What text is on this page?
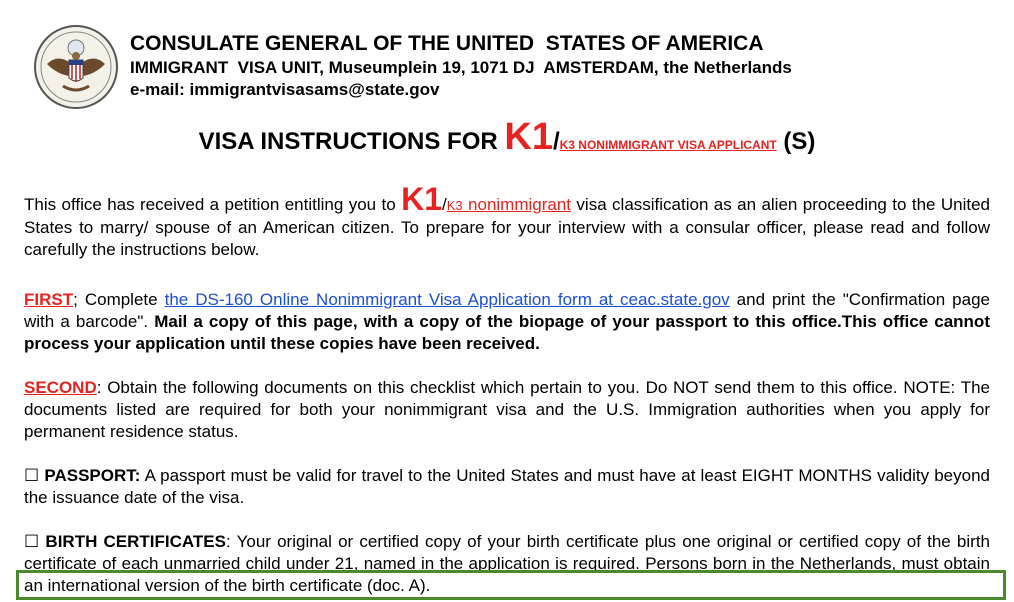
CONSULATE GENERAL OF THE UNITED  STATES OF AMERICA
IMMIGRANT  VISA UNIT, Museumplein 19, 1071 DJ  AMSTERDAM, the Netherlands
e-mail: immigrantvisasams@state.gov
VISA INSTRUCTIONS FOR K1/K3 NONIMMIGRANT VISA APPLICANT (S)
This office has received a petition entitling you to K1/K3 nonimmigrant visa classification as an alien proceeding to the United States to marry/ spouse of an American citizen. To prepare for your interview with a consular officer, please read and follow carefully the instructions below.
FIRST; Complete the DS-160 Online Nonimmigrant Visa Application form at ceac.state.gov and print the "Confirmation page with a barcode". Mail a copy of this page, with a copy of the biopage of your passport to this office.This office cannot process your application until these copies have been received.
SECOND: Obtain the following documents on this checklist which pertain to you. Do NOT send them to this office. NOTE: The documents listed are required for both your nonimmigrant visa and the U.S. Immigration authorities when you apply for permanent residence status.
☐ PASSPORT: A passport must be valid for travel to the United States and must have at least EIGHT MONTHS validity beyond the issuance date of the visa.
☐ BIRTH CERTIFICATES: Your original or certified copy of your birth certificate plus one original or certified copy of the birth certificate of each unmarried child under 21, named in the application is required. Persons born in the Netherlands, must obtain an international version of the birth certificate (doc. A).
